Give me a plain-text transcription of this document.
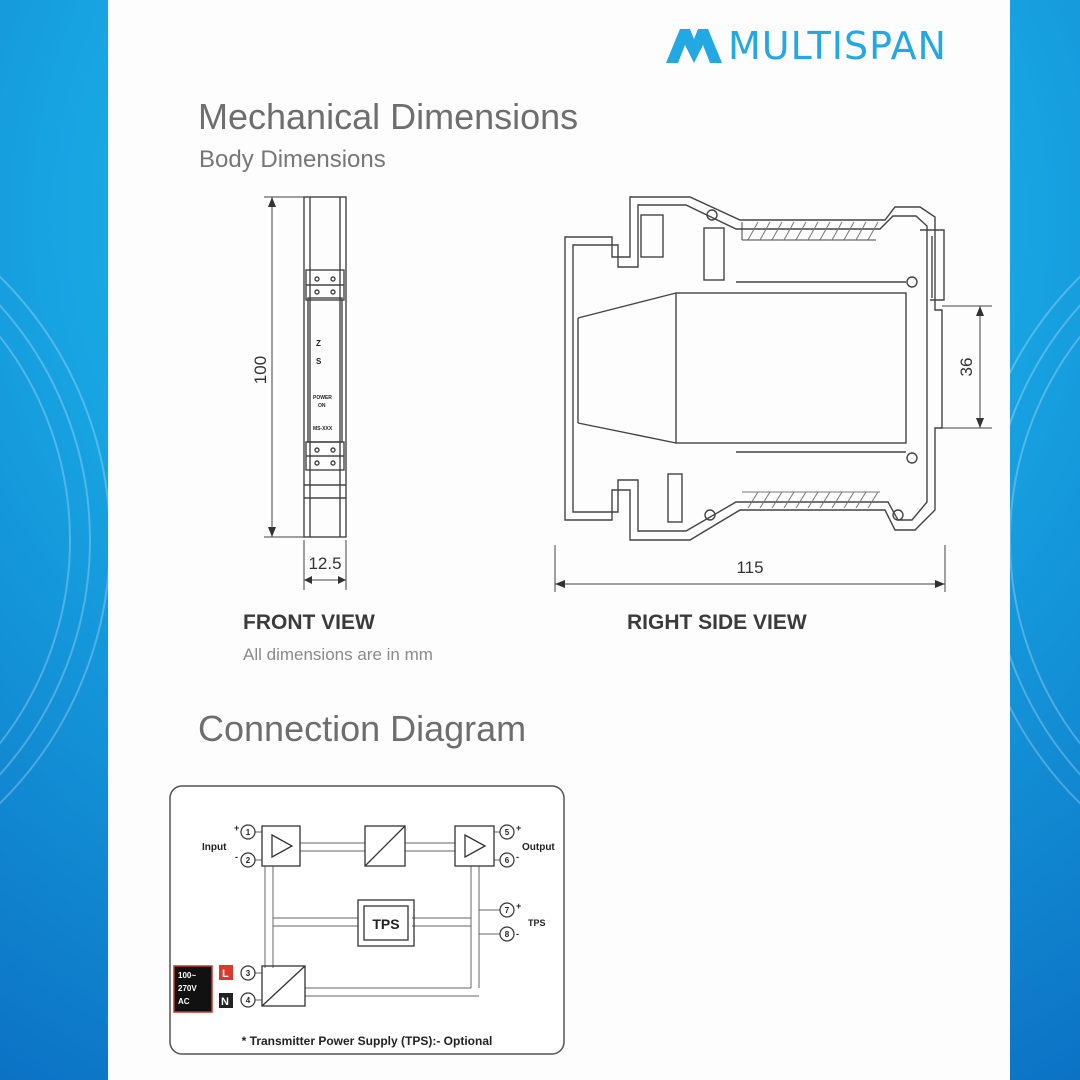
MULTISPAN
Mechanical Dimensions
Body Dimensions
Z
S
POWER
ON
MS-XXX
100
12.5	115
36
FRONT VIEW	RIGHT SIDE VIEW
All dimensions are in mm
Connection Diagram
1
2
3
4
5
6
7
8
+
-
+
-
+
-
Input	Output
TPS
TPS
100~
270V
AC
L
N
* Transmitter Power Supply (TPS):- Optional
